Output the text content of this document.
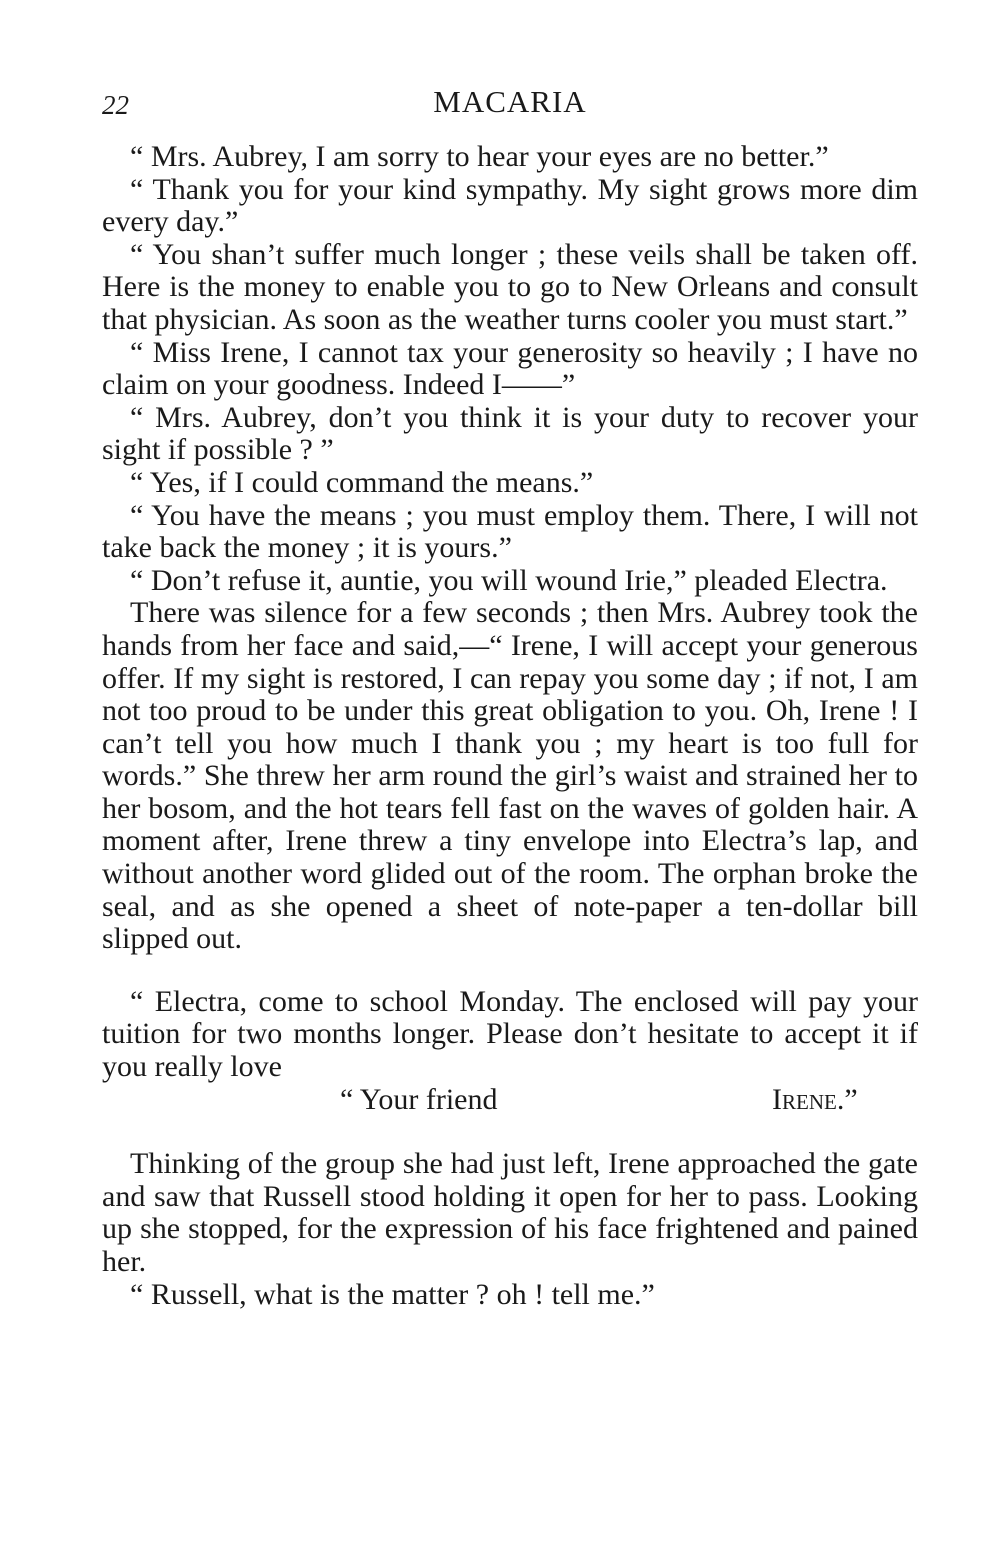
22	MACARIA

“ Mrs. Aubrey, I am sorry to hear your eyes are no better.”

“ Thank you for your kind sympathy. My sight grows more dim every day.”

“ You shan’t suffer much longer ; these veils shall be taken off. Here is the money to enable you to go to New Orleans and consult that physician. As soon as the weather turns cooler you must start.”

“ Miss Irene, I cannot tax your generosity so heavily ; I have no claim on your goodness. Indeed I——”

“ Mrs. Aubrey, don’t you think it is your duty to recover your sight if possible ? ”

“ Yes, if I could command the means.”

“ You have the means ; you must employ them. There, I will not take back the money ; it is yours.”

“ Don’t refuse it, auntie, you will wound Irie,” pleaded Electra.

There was silence for a few seconds ; then Mrs. Aubrey took the hands from her face and said,—“ Irene, I will accept your generous offer. If my sight is restored, I can repay you some day ; if not, I am not too proud to be under this great obligation to you. Oh, Irene ! I can’t tell you how much I thank you ; my heart is too full for words.” She threw her arm round the girl’s waist and strained her to her bosom, and the hot tears fell fast on the waves of golden hair. A moment after, Irene threw a tiny envelope into Electra’s lap, and without another word glided out of the room. The orphan broke the seal, and as she opened a sheet of note-paper a ten-dollar bill slipped out.

“ Electra, come to school Monday. The enclosed will pay your tuition for two months longer. Please don’t hesitate to accept it if you really love

“ Your friend	Irene.”

Thinking of the group she had just left, Irene approached the gate and saw that Russell stood holding it open for her to pass. Looking up she stopped, for the expression of his face frightened and pained her.

“ Russell, what is the matter ? oh ! tell me.”
